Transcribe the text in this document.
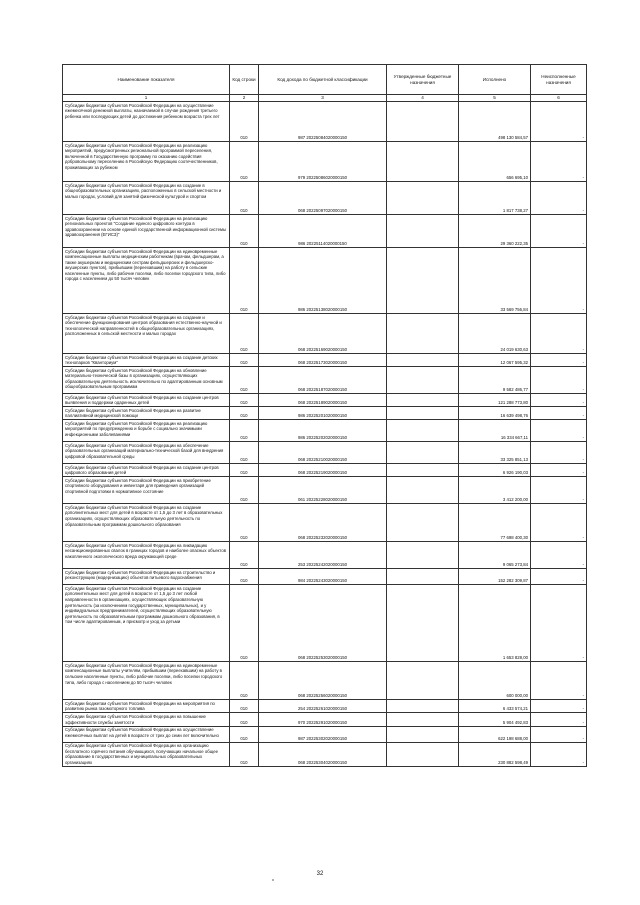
Наименование показателя	Код строки	Код дохода по бюджетной классификации	Утвержденные бюджетные назначения	Исполнено	Неисполненные назначения
1	2	3	4	5	6
Субсидии бюджетам субъектов Российской Федерации на осуществление ежемесячной денежной выплаты, назначаемой в случае рождения третьего ребенка или последующих детей до достижения ребенком возраста трех лет	010	987 20225084020000150		498 130 584,57	-
Субсидии бюджетам субъектов Российской Федерации на реализацию мероприятий, предусмотренных региональной программой переселения, включенной в Государственную программу по оказанию содействия добровольному переселению в Российскую Федерацию соотечественников, проживающих за рубежом	010	979 20225086020000150		656 695,10	-
Субсидии бюджетам субъектов Российской Федерации на создание в общеобразовательных организациях, расположенных в сельской местности и малых городах, условий для занятий физической культурой и спортом	010	068 20225097020000150		1 817 738,27	-
Субсидии бюджетам субъектов Российской Федерации на реализацию региональных проектов "Создание единого цифрового контура в здравоохранении на основе единой государственной информационной системы здравоохранения (ЕГИСЗ)"	010	986 20225114020000150		29 360 222,35	-
Субсидии бюджетам субъектов Российской Федерации на единовременные компенсационные выплаты медицинским работникам (врачам, фельдшерам, а также акушеркам и медицинским сестрам фельдшерских и фельдшерско-акушерских пунктов), прибывшим (переехавшим) на работу в сельские населенные пункты, либо рабочие поселки, либо поселки городского типа, либо города с населением до 50 тысяч человек	010	986 20225138020000150		33 569 756,84	-
Субсидии бюджетам субъектов Российской Федерации на создание и обеспечение функционирования центров образования естественно-научной и технологической направленностей в общеобразовательных организациях, расположенных в сельской местности и малых городах	010	068 20225169020000150		24 019 630,63	-
Субсидии бюджетам субъектов Российской Федерации на создание детских технопарков "Кванториум"	010	068 20225173020000150		12 067 595,32	-
Субсидии бюджетам субъектов Российской Федерации на обновление материально-технической базы в организациях, осуществляющих образовательную деятельность исключительно по адаптированным основным общеобразовательным программам	010	068 20225187020000150		9 582 486,77	-
Субсидии бюджетам субъектов Российской Федерации на создание центров выявления и поддержки одаренных детей	010	068 20225189020000150		121 288 773,80	-
Субсидии бюджетам субъектов Российской Федерации на развитие паллиативной медицинской помощи	010	986 20225201020000150		16 639 498,76	-
Субсидии бюджетам субъектов Российской Федерации на реализацию мероприятий по предупреждению и борьбе с социально значимыми инфекционными заболеваниями	010	986 20225202020000150		16 334 667,11	-
Субсидии бюджетам субъектов Российской Федерации на обеспечение образовательных организаций материально-технической базой для внедрения цифровой образовательной среды	010	068 20225210020000150		33 325 851,13	-
Субсидии бюджетам субъектов Российской Федерации на создание центров цифрового образования детей	010	068 20225219020000150		6 926 190,03	-
Субсидии бюджетам субъектов Российской Федерации на приобретение спортивного оборудования и инвентаря для приведения организаций спортивной подготовки в нормативное состояние	010	061 20225228020000150		3 412 200,00	-
Субсидии бюджетам субъектов Российской Федерации на создание дополнительных мест для детей в возрасте от 1,5 до 3 лет в образовательных организациях, осуществляющих образовательную деятельность по образовательным программам дошкольного образования	010	068 20225232020000150		77 698 400,30	-
Субсидии бюджетам субъектов Российской Федерации на ликвидацию несанкционированных свалок в границах городов и наиболее опасных объектов накопленного экологического вреда окружающей среде	010	253 20225242020000150		9 065 273,84	-
Субсидии бюджетам субъектов Российской Федерации на строительство и реконструкцию (модернизацию) объектов питьевого водоснабжения	010	984 20225243020000150		152 282 309,87	-
Субсидии бюджетам субъектов Российской Федерации на создание дополнительных мест для детей в возрасте от 1,5 до 3 лет любой направленности в организациях, осуществляющих образовательную деятельность (за исключением государственных, муниципальных), и у индивидуальных предпринимателей, осуществляющих образовательную деятельность по образовательным программам дошкольного образования, в том числе адаптированным, и присмотр и уход за детьми	010	068 20225253020000150		1 653 828,00	-
Субсидии бюджетам субъектов Российской Федерации на единовременные компенсационные выплаты учителям, прибывшим (переехавшим) на работу в сельские населенные пункты, либо рабочие поселки, либо поселки городского типа, либо города с населением до 50 тысяч человек	010	068 20225256020000150		600 000,00	-
Субсидии бюджетам субъектов Российской Федерации на мероприятия по развитию рынка газомоторного топлива	010	254 20225261020000150		6 433 574,21	-
Субсидии бюджетам субъектов Российской Федерации на повышение эффективности службы занятости	010	970 20225291020000150		5 904 492,83	-
Субсидии бюджетам субъектов Российской Федерации на осуществление ежемесячных выплат на детей в возрасте от трех до семи лет включительно	010	987 20225302020000150		622 198 688,00	-
Субсидии бюджетам субъектов Российской Федерации на организацию бесплатного горячего питания обучающихся, получающих начальное общее образование в государственных и муниципальных образовательных организациях	010	068 20225304020000150		230 882 598,49	-
32
